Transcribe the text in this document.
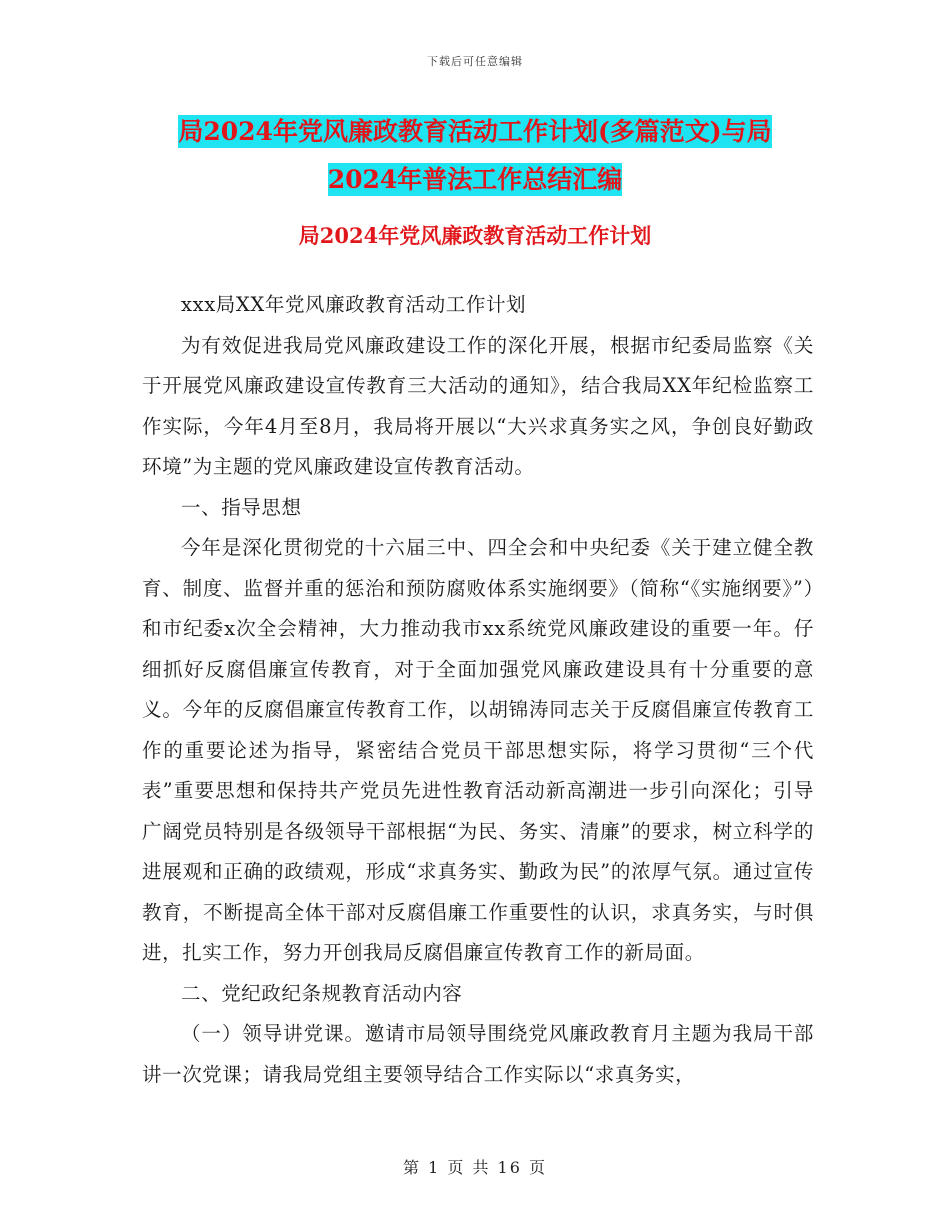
下载后可任意编辑
局2024年党风廉政教育活动工作计划(多篇范文)与局
2024年普法工作总结汇编
局2024年党风廉政教育活动工作计划

xxx局XX年党风廉政教育活动工作计划

为有效促进我局党风廉政建设工作的深化开展，根据市纪委局监察《关于开展党风廉政建设宣传教育三大活动的通知》，结合我局XX年纪检监察工作实际，今年4月至8月，我局将开展以“大兴求真务实之风，争创良好勤政环境”为主题的党风廉政建设宣传教育活动。

一、指导思想

今年是深化贯彻党的十六届三中、四全会和中央纪委《关于建立健全教育、制度、监督并重的惩治和预防腐败体系实施纲要》（简称“《实施纲要》”）和市纪委x次全会精神，大力推动我市xx系统党风廉政建设的重要一年。仔细抓好反腐倡廉宣传教育，对于全面加强党风廉政建设具有十分重要的意义。今年的反腐倡廉宣传教育工作，以胡锦涛同志关于反腐倡廉宣传教育工作的重要论述为指导，紧密结合党员干部思想实际，将学习贯彻“三个代表”重要思想和保持共产党员先进性教育活动新高潮进一步引向深化；引导广阔党员特别是各级领导干部根据“为民、务实、清廉”的要求，树立科学的进展观和正确的政绩观，形成“求真务实、勤政为民”的浓厚气氛。通过宣传教育，不断提高全体干部对反腐倡廉工作重要性的认识，求真务实，与时俱进，扎实工作，努力开创我局反腐倡廉宣传教育工作的新局面。

二、党纪政纪条规教育活动内容

（一）领导讲党课。邀请市局领导围绕党风廉政教育月主题为我局干部讲一次党课；请我局党组主要领导结合工作实际以“求真务实，

第 1 页 共 16 页
